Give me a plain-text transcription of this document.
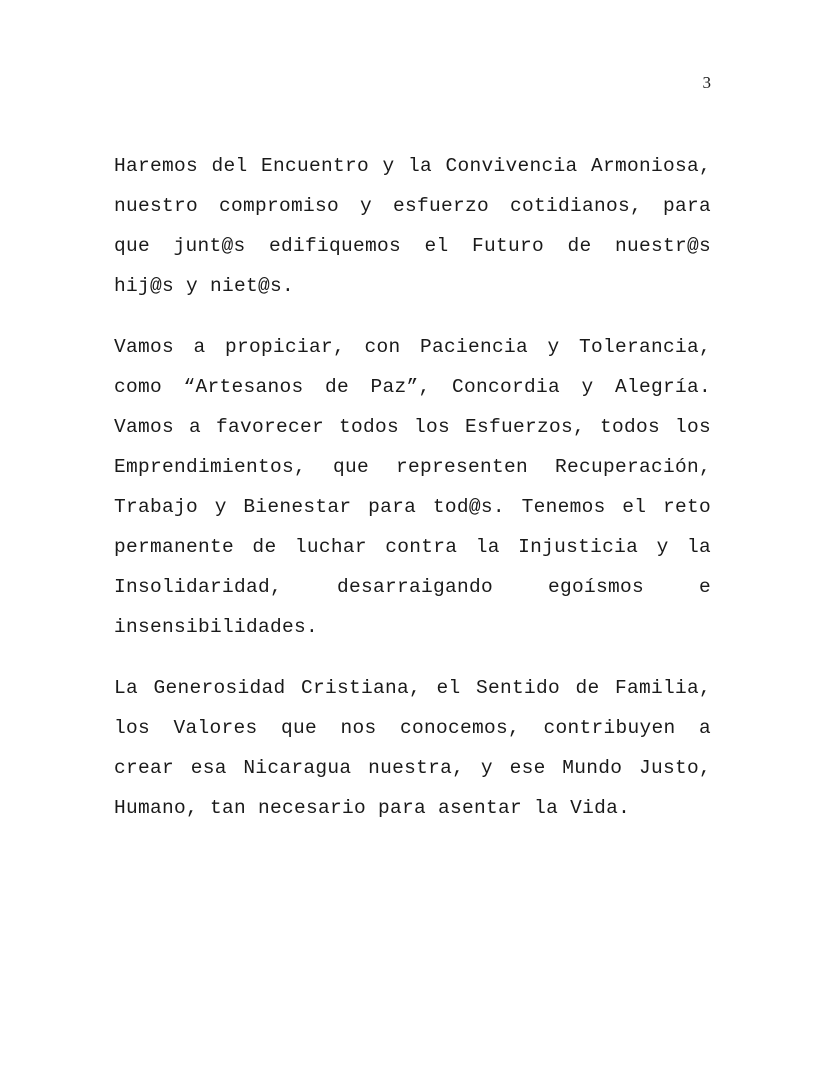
3

Haremos del Encuentro y la Convivencia Armoniosa, nuestro compromiso y esfuerzo cotidianos, para que junt@s edifiquemos el Futuro de nuestr@s hij@s y niet@s.

Vamos a propiciar, con Paciencia y Tolerancia, como “Artesanos de Paz”, Concordia y Alegría. Vamos a favorecer todos los Esfuerzos, todos los Emprendimientos, que representen Recuperación, Trabajo y Bienestar para tod@s. Tenemos el reto permanente de luchar contra la Injusticia y la Insolidaridad, desarraigando egoísmos e insensibilidades.

La Generosidad Cristiana, el Sentido de Familia, los Valores que nos conocemos, contribuyen a crear esa Nicaragua nuestra, y ese Mundo Justo, Humano, tan necesario para asentar la Vida.
